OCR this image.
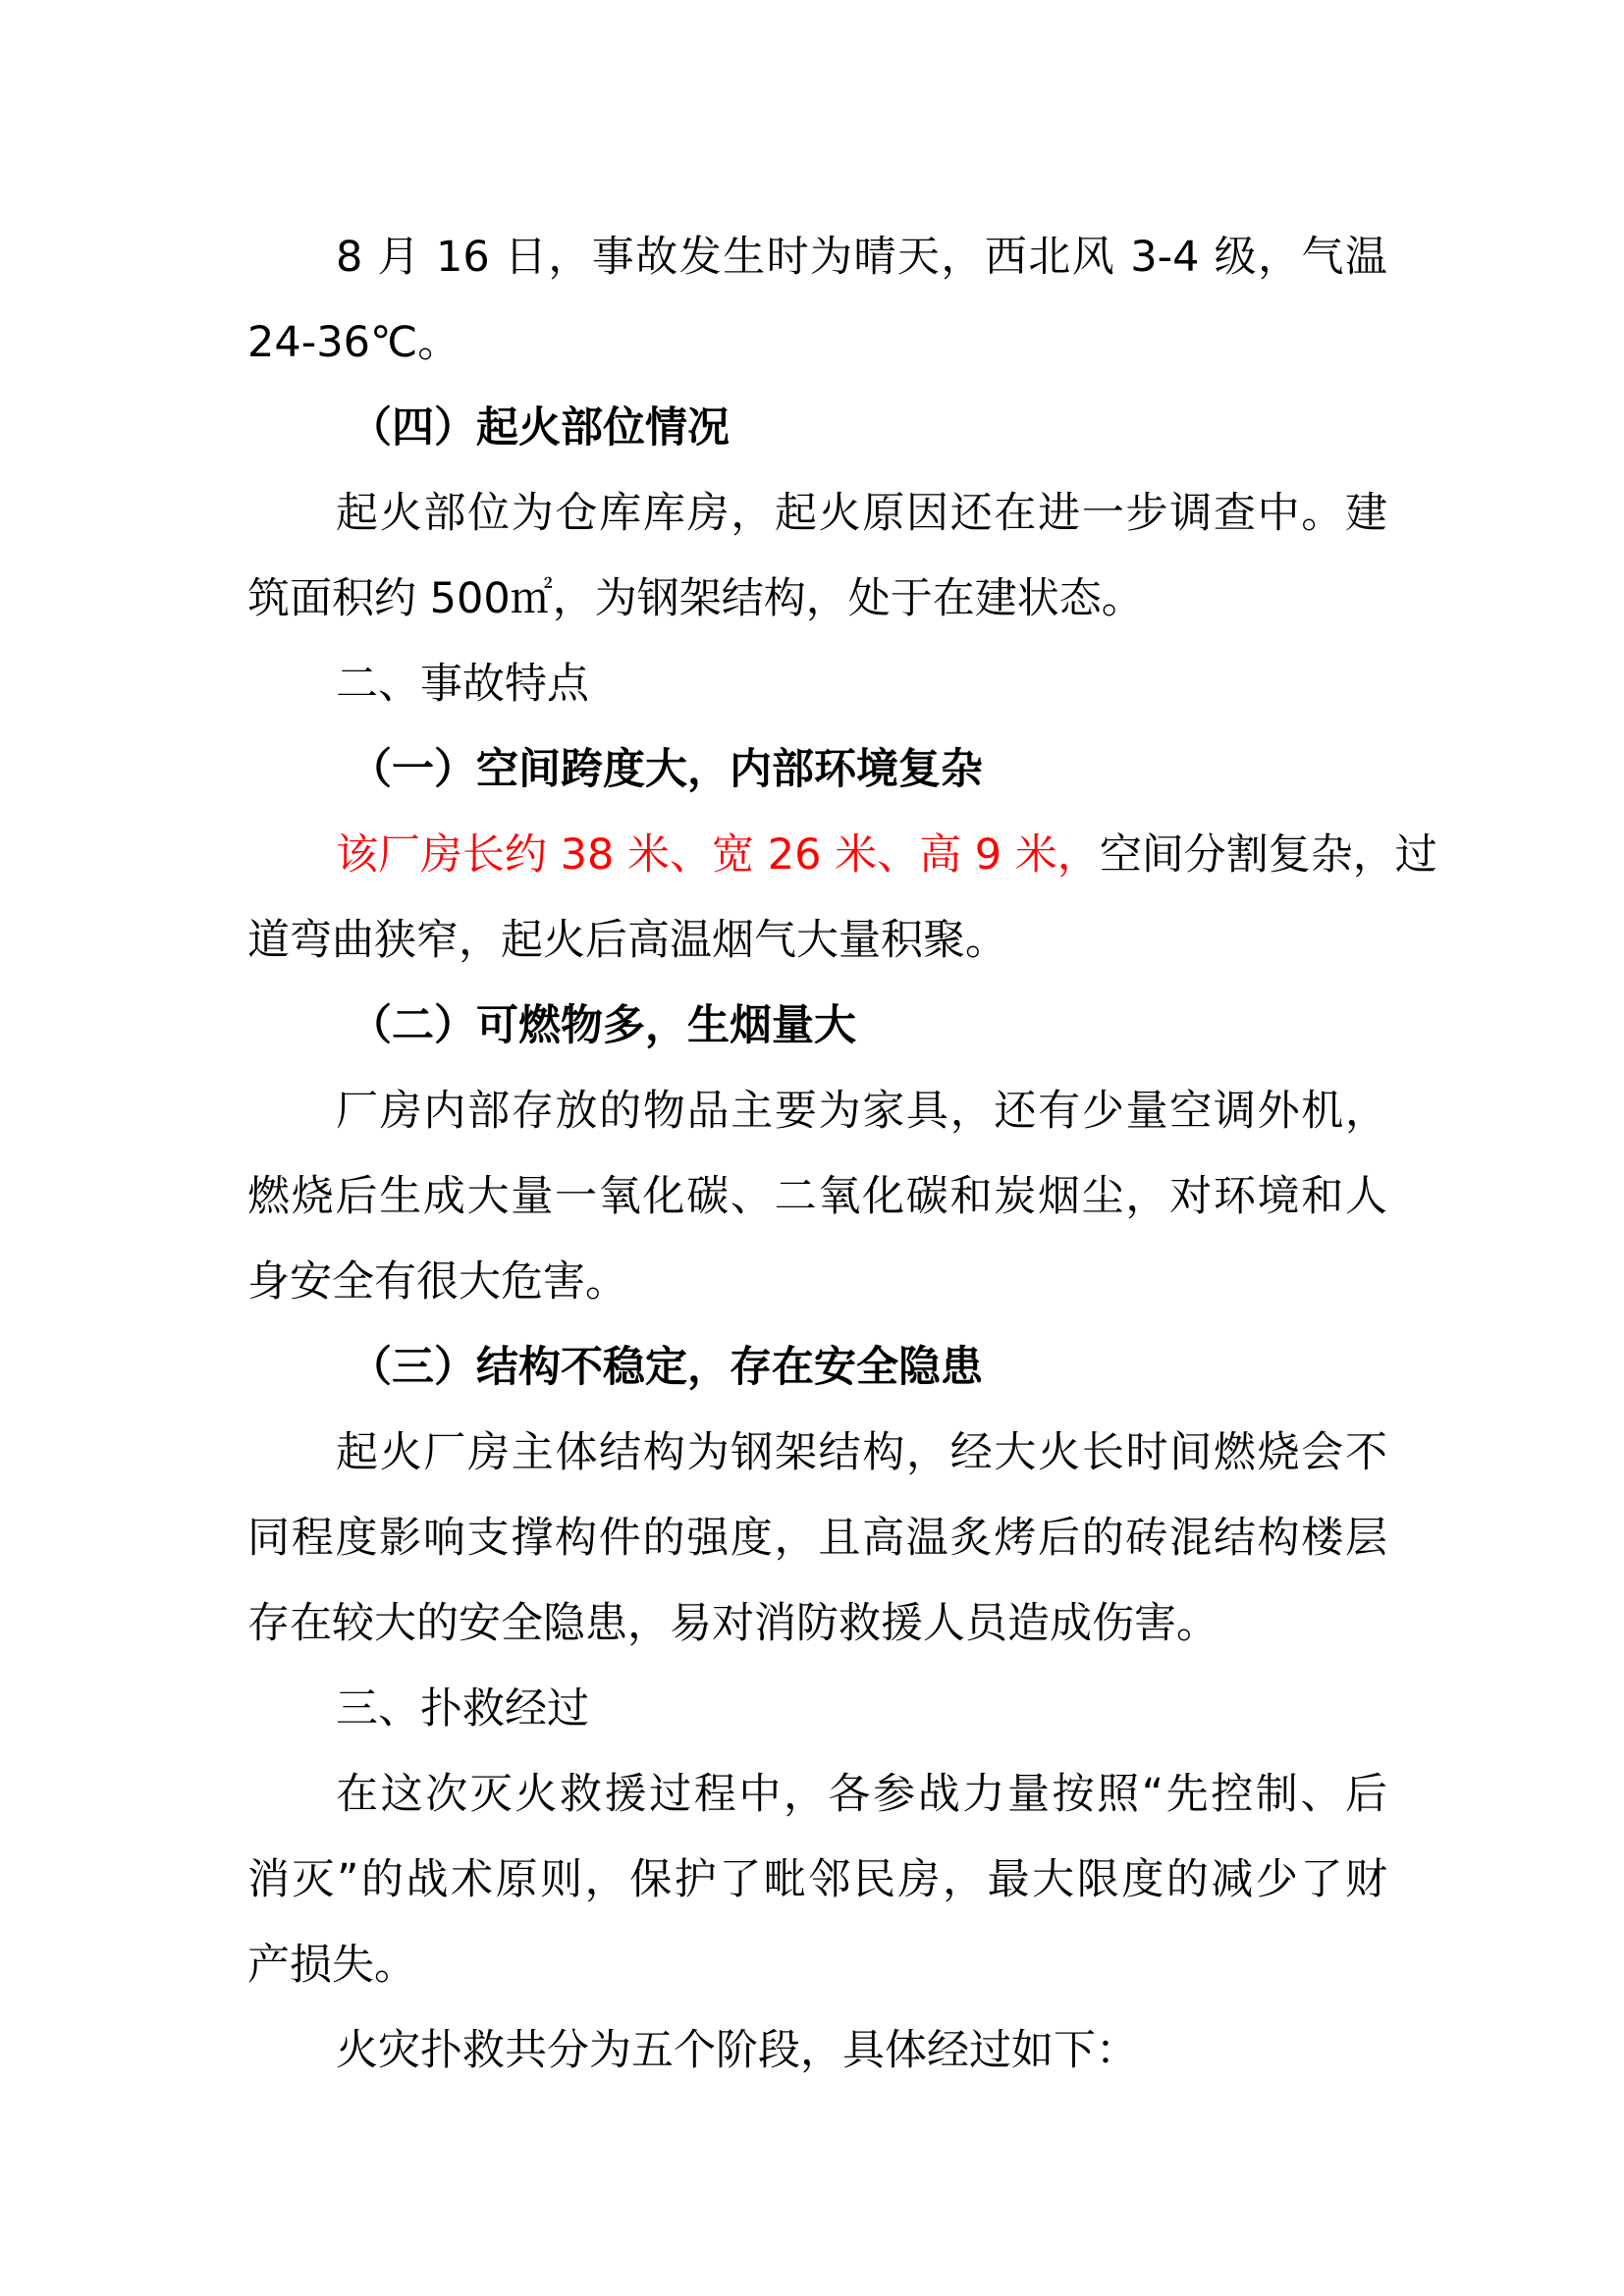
8 月 16 日，事故发生时为晴天，西北风 3-4 级，气温
24-36℃。
（四）起火部位情况
起火部位为仓库库房，起火原因还在进一步调查中。建
筑面积约 500㎡，为钢架结构，处于在建状态。
二、事故特点
（一）空间跨度大，内部环境复杂
该厂房长约 38 米、宽 26 米、高 9 米，空间分割复杂，过
道弯曲狭窄，起火后高温烟气大量积聚。
（二）可燃物多，生烟量大
厂房内部存放的物品主要为家具，还有少量空调外机，
燃烧后生成大量一氧化碳、二氧化碳和炭烟尘，对环境和人
身安全有很大危害。
（三）结构不稳定，存在安全隐患
起火厂房主体结构为钢架结构，经大火长时间燃烧会不
同程度影响支撑构件的强度，且高温炙烤后的砖混结构楼层
存在较大的安全隐患，易对消防救援人员造成伤害。
三、扑救经过
在这次灭火救援过程中，各参战力量按照“先控制、后
消灭”的战术原则，保护了毗邻民房，最大限度的减少了财
产损失。
火灾扑救共分为五个阶段，具体经过如下：
